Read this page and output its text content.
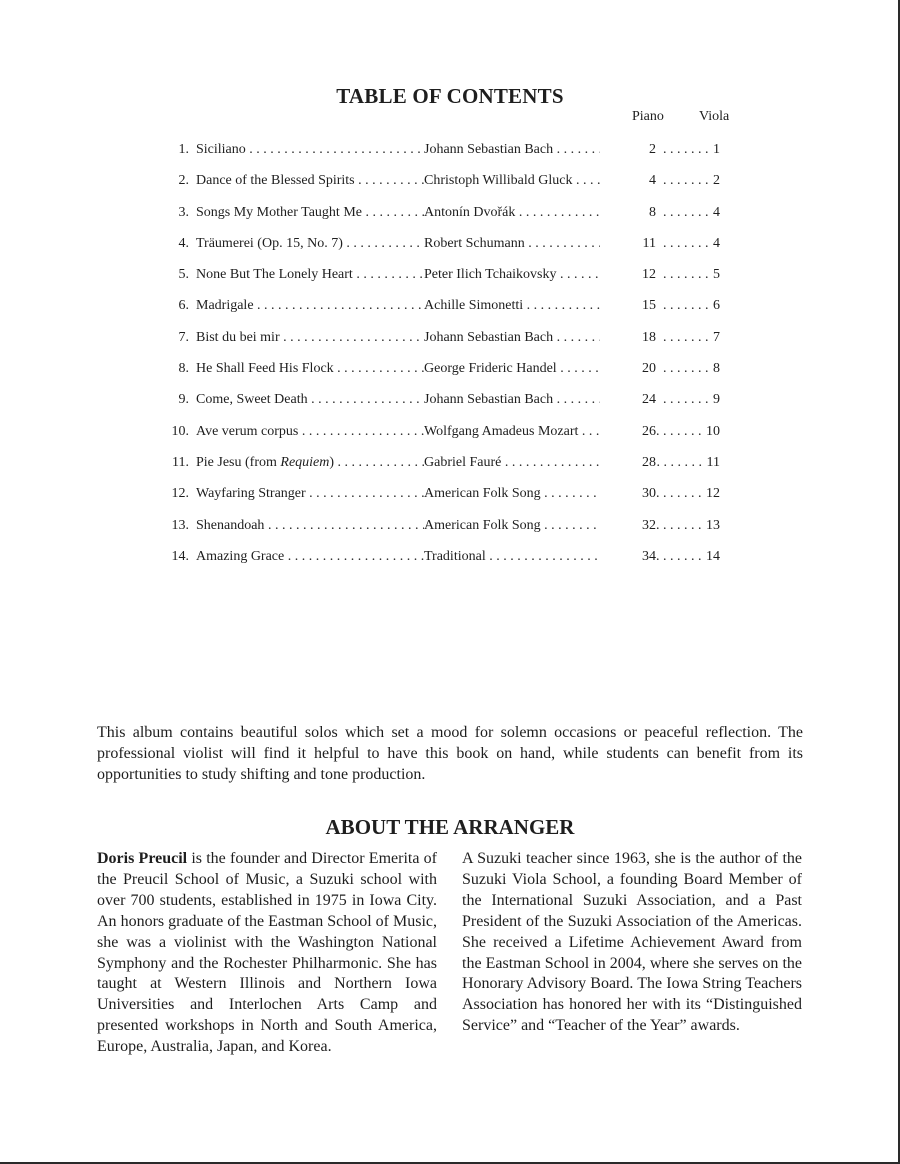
TABLE OF CONTENTS
Piano	Viola
1. Siciliano . . .	Johann Sebastian Bach . . .	2 . . . . . . . 1
2. Dance of the Blessed Spirits . . .	Christoph Willibald Gluck . . .	4 . . . . . . . 2
3. Songs My Mother Taught Me . . .	Antonín Dvořák . . .	8 . . . . . . . 4
4. Träumerei (Op. 15, No. 7) . . .	Robert Schumann . . .	11 . . . . . . . 4
5. None But The Lonely Heart . . .	Peter Ilich Tchaikovsky . . .	12 . . . . . . . 5
6. Madrigale . . .	Achille Simonetti . . .	15 . . . . . . . 6
7. Bist du bei mir . . .	Johann Sebastian Bach . . .	18 . . . . . . . 7
8. He Shall Feed His Flock . . .	George Frideric Handel . . .	20 . . . . . . . 8
9. Come, Sweet Death . . .	Johann Sebastian Bach . . .	24 . . . . . . . 9
10. Ave verum corpus . . .	Wolfgang Amadeus Mozart . . .	26 . . . . . . . 10
11. Pie Jesu (from Requiem) . . .	Gabriel Fauré . . .	28 . . . . . . . 11
12. Wayfaring Stranger . . .	American Folk Song . . .	30 . . . . . . . 12
13. Shenandoah . . .	American Folk Song . . .	32 . . . . . . . 13
14. Amazing Grace . . .	Traditional . . .	34 . . . . . . . 14
This album contains beautiful solos which set a mood for solemn occasions or peaceful reflection. The professional violist will find it helpful to have this book on hand, while students can benefit from its opportunities to study shifting and tone production.
ABOUT THE ARRANGER
Doris Preucil is the founder and Director Emerita of the Preucil School of Music, a Suzuki school with over 700 students, established in 1975 in Iowa City. An honors graduate of the Eastman School of Music, she was a violinist with the Washington National Symphony and the Rochester Philharmonic. She has taught at Western Illinois and Northern Iowa Universities and Interlochen Arts Camp and presented workshops in North and South America, Europe, Australia, Japan, and Korea.
A Suzuki teacher since 1963, she is the author of the Suzuki Viola School, a founding Board Member of the International Suzuki Association, and a Past President of the Suzuki Association of the Americas. She received a Lifetime Achievement Award from the Eastman School in 2004, where she serves on the Honorary Advisory Board. The Iowa String Teachers Association has honored her with its “Distinguished Service” and “Teacher of the Year” awards.
